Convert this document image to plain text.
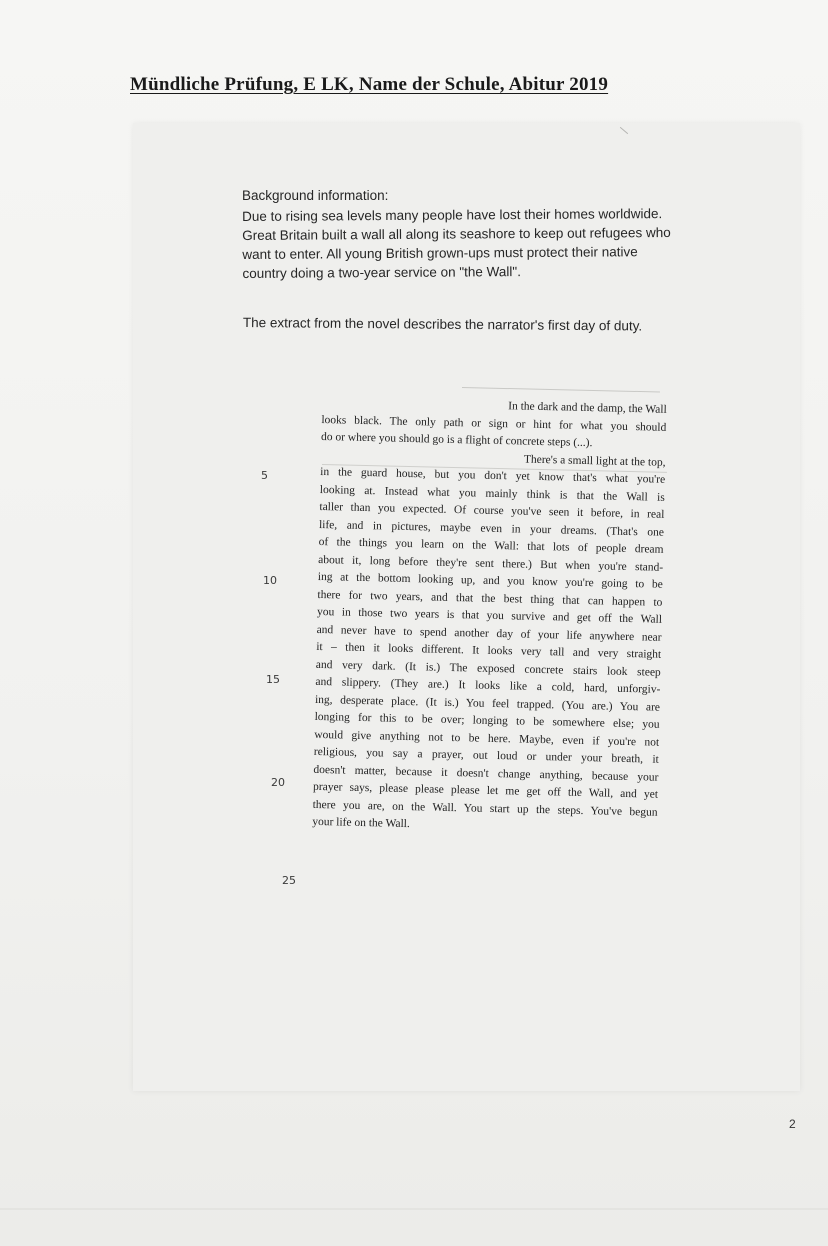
Mündliche Prüfung, E LK, Name der Schule, Abitur 2019
Background information:
Due to rising sea levels many people have lost their homes worldwide.
Great Britain built a wall all along its seashore to keep out refugees who
want to enter. All young British grown-ups must protect their native
country doing a two-year service on "the Wall".
The extract from the novel describes the narrator's first day of duty.
In the dark and the damp, the Wall
looks black. The only path or sign or hint for what you should
do or where you should go is a flight of concrete steps (...).
There's a small light at the top,
in the guard house, but you don't yet know that's what you're
looking at. Instead what you mainly think is that the Wall is
taller than you expected. Of course you've seen it before, in real
life, and in pictures, maybe even in your dreams. (That's one
of the things you learn on the Wall: that lots of people dream
about it, long before they're sent there.) But when you're stand-
ing at the bottom looking up, and you know you're going to be
there for two years, and that the best thing that can happen to
you in those two years is that you survive and get off the Wall
and never have to spend another day of your life anywhere near
it – then it looks different. It looks very tall and very straight
and very dark. (It is.) The exposed concrete stairs look steep
and slippery. (They are.) It looks like a cold, hard, unforgiv-
ing, desperate place. (It is.) You feel trapped. (You are.) You are
longing for this to be over; longing to be somewhere else; you
would give anything not to be here. Maybe, even if you're not
religious, you say a prayer, out loud or under your breath, it
doesn't matter, because it doesn't change anything, because your
prayer says, please please please let me get off the Wall, and yet
there you are, on the Wall. You start up the steps. You've begun
your life on the Wall.
5
10
15
20
25
2
